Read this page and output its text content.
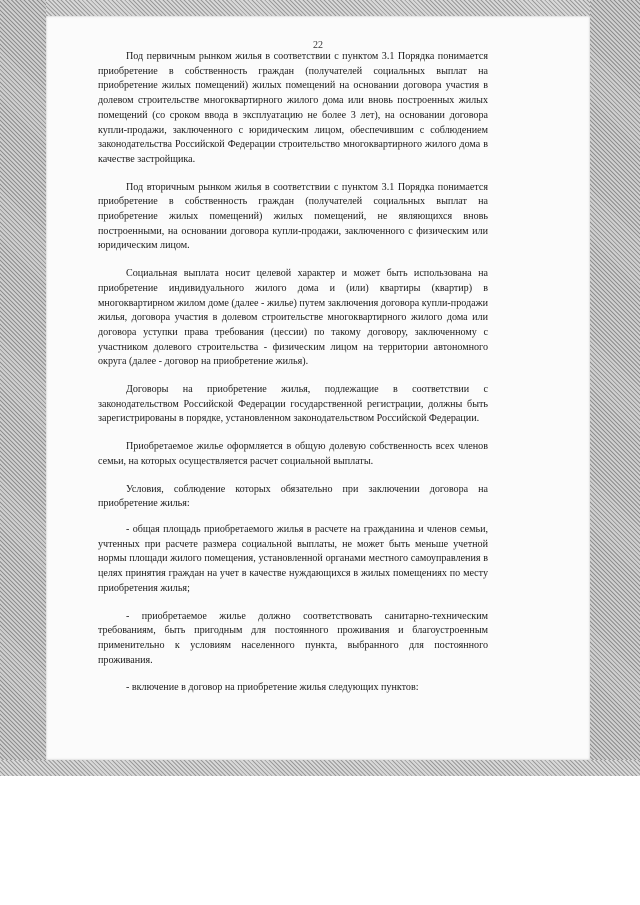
22

Под первичным рынком жилья в соответствии с пунктом 3.1 Порядка понимается приобретение в собственность граждан (получателей социальных выплат на приобретение жилых помещений) жилых помещений на основании договора участия в долевом строительстве многоквартирного жилого дома или вновь построенных жилых помещений (со сроком ввода в эксплуатацию не более 3 лет), на основании договора купли-продажи, заключенного с юридическим лицом, обеспечившим с соблюдением законодательства Российской Федерации строительство многоквартирного жилого дома в качестве застройщика.

Под вторичным рынком жилья в соответствии с пунктом 3.1 Порядка понимается приобретение в собственность граждан (получателей социальных выплат на приобретение жилых помещений) жилых помещений, не являющихся вновь построенными, на основании договора купли-продажи, заключенного с физическим или юридическим лицом.

Социальная выплата носит целевой характер и может быть использована на приобретение индивидуального жилого дома и (или) квартиры (квартир) в многоквартирном жилом доме (далее - жилье) путем заключения договора купли-продажи жилья, договора участия в долевом строительстве многоквартирного жилого дома или договора уступки права требования (цессии) по такому договору, заключенному с участником долевого строительства - физическим лицом на территории автономного округа (далее - договор на приобретение жилья).

Договоры на приобретение жилья, подлежащие в соответствии с законодательством Российской Федерации государственной регистрации, должны быть зарегистрированы в порядке, установленном законодательством Российской Федерации.

Приобретаемое жилье оформляется в общую долевую собственность всех членов семьи, на которых осуществляется расчет социальной выплаты.

Условия, соблюдение которых обязательно при заключении договора на приобретение жилья:

- общая площадь приобретаемого жилья в расчете на гражданина и членов семьи, учтенных при расчете размера социальной выплаты, не может быть меньше учетной нормы площади жилого помещения, установленной органами местного самоуправления в целях принятия граждан на учет в качестве нуждающихся в жилых помещениях по месту приобретения жилья;

- приобретаемое жилье должно соответствовать санитарно-техническим требованиям, быть пригодным для постоянного проживания и благоустроенным применительно к условиям населенного пункта, выбранного для постоянного проживания.

- включение в договор на приобретение жилья следующих пунктов:
